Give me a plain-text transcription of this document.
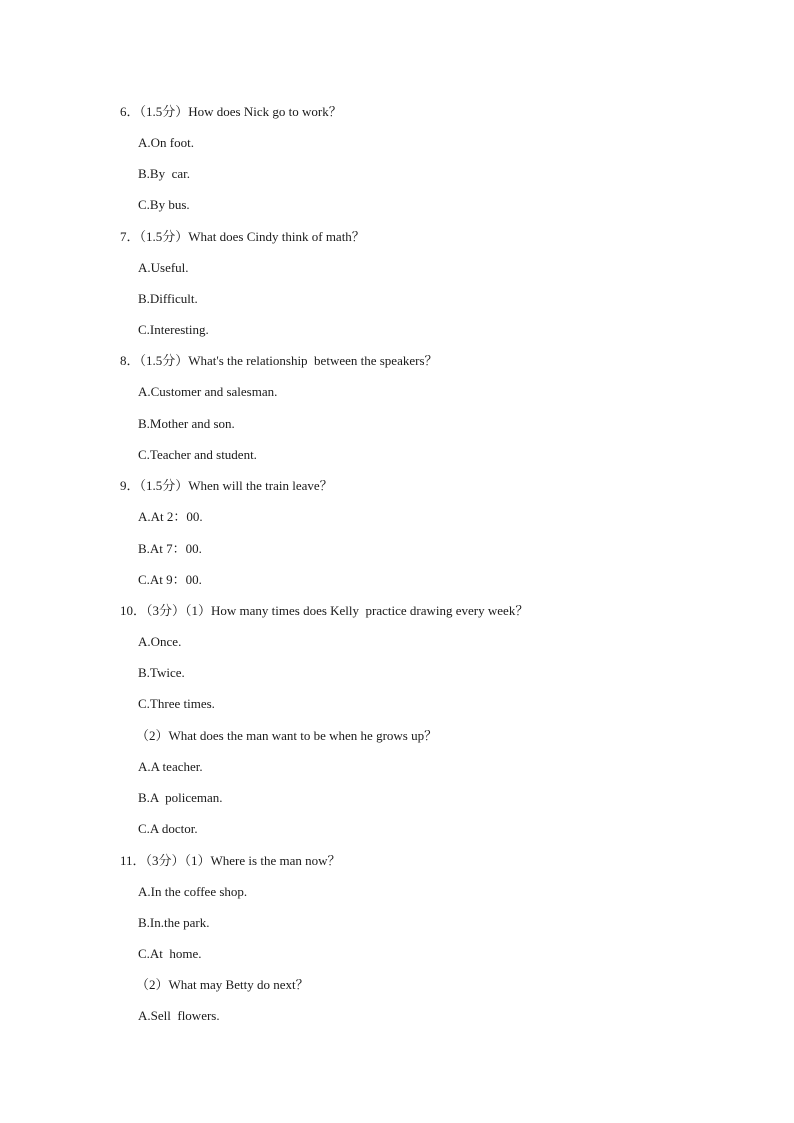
6．（1.5分）How does Nick go to work？
A.On foot.
B.By  car.
C.By bus.
7．（1.5分）What does Cindy think of math？
A.Useful.
B.Difficult.
C.Interesting.
8．（1.5分）What's the relationship  between the speakers？
A.Customer and salesman.
B.Mother and son.
C.Teacher and student.
9．（1.5分）When will the train leave？
A.At 2：00.
B.At 7：00.
C.At 9：00.
10．（3分）（1）How many times does Kelly  practice drawing every week？
A.Once.
B.Twice.
C.Three times.
（2）What does the man want to be when he grows up？
A.A teacher.
B.A  policeman.
C.A doctor.
11．（3分）（1）Where is the man now？
A.In the coffee shop.
B.In.the park.
C.At  home.
（2）What may Betty do next？
A.Sell  flowers.
